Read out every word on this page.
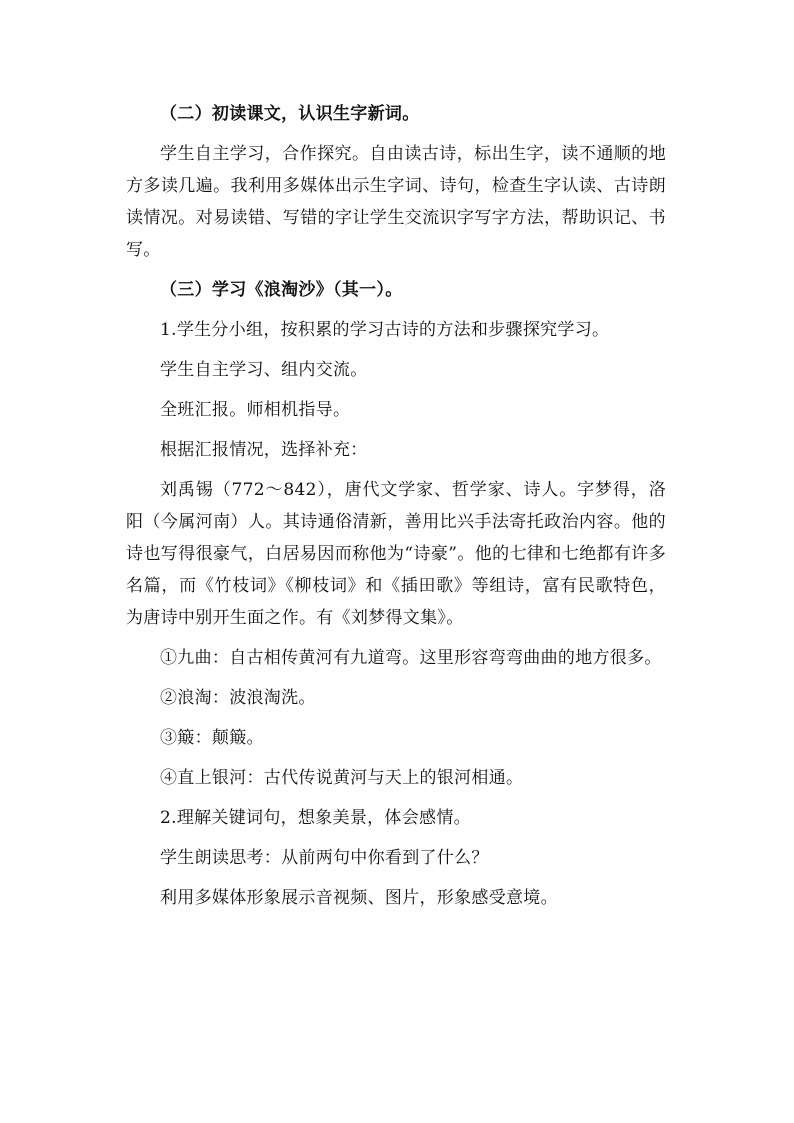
（二）初读课文，认识生字新词。

学生自主学习，合作探究。自由读古诗，标出生字，读不通顺的地方多读几遍。我利用多媒体出示生字词、诗句，检查生字认读、古诗朗读情况。对易读错、写错的字让学生交流识字写字方法，帮助识记、书写。

（三）学习《浪淘沙》（其一）。

1.学生分小组，按积累的学习古诗的方法和步骤探究学习。

学生自主学习、组内交流。

全班汇报。师相机指导。

根据汇报情况，选择补充：

刘禹锡（772～842），唐代文学家、哲学家、诗人。字梦得，洛阳（今属河南）人。其诗通俗清新，善用比兴手法寄托政治内容。他的诗也写得很豪气，白居易因而称他为“诗豪”。他的七律和七绝都有许多名篇，而《竹枝词》《柳枝词》和《插田歌》等组诗，富有民歌特色，为唐诗中别开生面之作。有《刘梦得文集》。

①九曲：自古相传黄河有九道弯。这里形容弯弯曲曲的地方很多。

②浪淘：波浪淘洗。

③簸：颠簸。

④直上银河：古代传说黄河与天上的银河相通。

2.理解关键词句，想象美景，体会感情。

学生朗读思考：从前两句中你看到了什么？

利用多媒体形象展示音视频、图片，形象感受意境。
